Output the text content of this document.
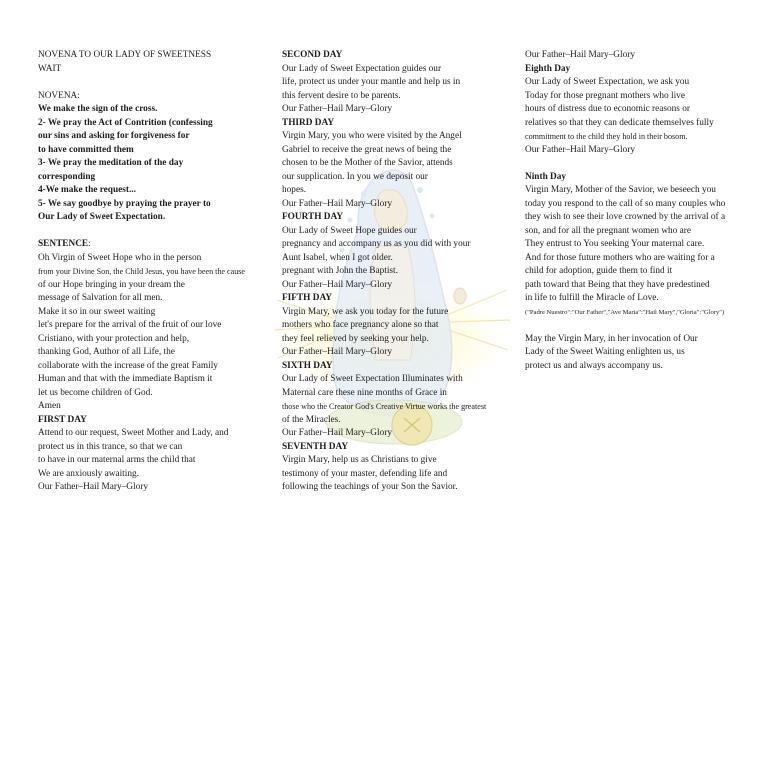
NOVENA TO OUR LADY OF SWEETNESS
WAIT
NOVENA:
We make the sign of the cross.
2- We pray the Act of Contrition (confessing
our sins and asking for forgiveness for
to have committed them
3- We pray the meditation of the day
corresponding
4-We make the request...
5- We say goodbye by praying the prayer to
Our Lady of Sweet Expectation.
SENTENCE:
Oh Virgin of Sweet Hope who in the person
from your Divine Son, the Child Jesus, you have been the cause
of our Hope bringing in your dream the
message of Salvation for all men.
Make it so in our sweet waiting
let's prepare for the arrival of the fruit of our love
Cristiano, with your protection and help,
thanking God, Author of all Life, the
collaborate with the increase of the great Family
Human and that with the immediate Baptism it
let us become children of God.
Amen
FIRST DAY
Attend to our request, Sweet Mother and Lady, and
protect us in this trance, so that we can
to have in our maternal arms the child that
We are anxiously awaiting.
Our Father–Hail Mary–Glory
SECOND DAY
Our Lady of Sweet Expectation guides our
life, protect us under your mantle and help us in
this fervent desire to be parents.
Our Father–Hail Mary–Glory
THIRD DAY
Virgin Mary, you who were visited by the Angel
Gabriel to receive the great news of being the
chosen to be the Mother of the Savior, attends
our supplication. In you we deposit our
hopes.
Our Father–Hail Mary–Glory
FOURTH DAY
Our Lady of Sweet Hope guides our
pregnancy and accompany us as you did with your
Aunt Isabel, when I got older.
pregnant with John the Baptist.
Our Father–Hail Mary–Glory
FIFTH DAY
Virgin Mary, we ask you today for the future
mothers who face pregnancy alone so that
they feel relieved by seeking your help.
Our Father–Hail Mary–Glory
SIXTH DAY
Our Lady of Sweet Expectation Illuminates with
Maternal care these nine months of Grace in
those who the Creator God's Creative Virtue works the greatest
of the Miracles.
Our Father–Hail Mary–Glory
SEVENTH DAY
Virgin Mary, help us as Christians to give
testimony of your master, defending life and
following the teachings of your Son the Savior.
Our Father–Hail Mary–Glory
Eighth Day
Our Lady of Sweet Expectation, we ask you
Today for those pregnant mothers who live
hours of distress due to economic reasons or
relatives so that they can dedicate themselves fully
commitment to the child they hold in their bosom.
Our Father–Hail Mary–Glory
Ninth Day
Virgin Mary, Mother of the Savior, we beseech you
today you respond to the call of so many couples who
they wish to see their love crowned by the arrival of a
son, and for all the pregnant women who are
They entrust to You seeking Your maternal care.
And for those future mothers who are waiting for a
child for adoption, guide them to find it
path toward that Being that they have predestined
in life to fulfill the Miracle of Love.
("Padre Nuestro":"Our Father","Ave Maria":"Hail Mary","Gloria":"Glory")
May the Virgin Mary, in her invocation of Our
Lady of the Sweet Waiting enlighten us, us
protect us and always accompany us.
